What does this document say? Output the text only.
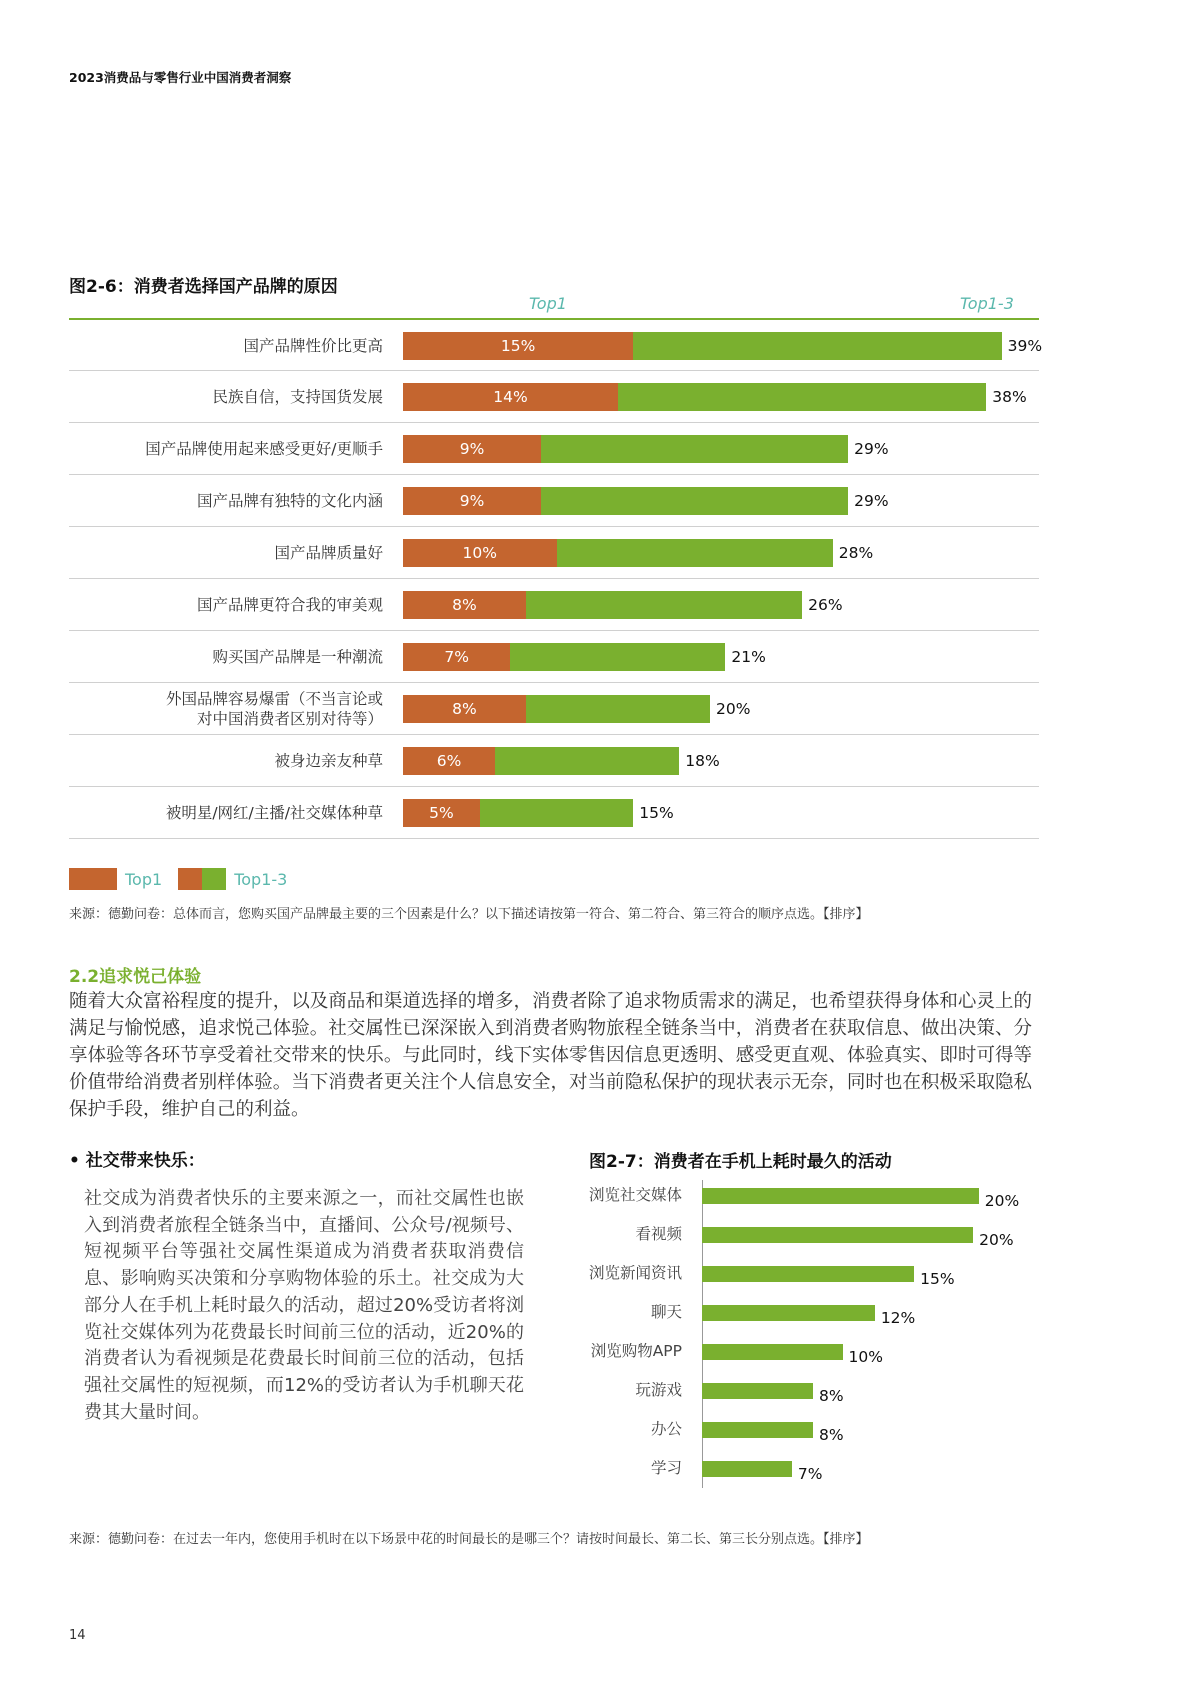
2023消费品与零售行业中国消费者洞察
图2-6：消费者选择国产品牌的原因
Top1	Top1-3
国产品牌性价比更高	15%	39%
民族自信，支持国货发展	14%	38%
国产品牌使用起来感受更好/更顺手	9%	29%
国产品牌有独特的文化内涵	9%	29%
国产品牌质量好	10%	28%
国产品牌更符合我的审美观	8%	26%
购买国产品牌是一种潮流	7%	21%
外国品牌容易爆雷（不当言论或
对中国消费者区别对待等）
8%	20%
被身边亲友种草	6%	18%
被明星/网红/主播/社交媒体种草	5%	15%
Top1	Top1-3
来源：德勤问卷：总体而言，您购买国产品牌最主要的三个因素是什么？以下描述请按第一符合、第二符合、第三符合的顺序点选。【排序】
2.2追求悦己体验
随着大众富裕程度的提升，以及商品和渠道选择的增多，消费者除了追求物质需求的满足，也希望获得身体和心灵上的满足与愉悦感，追求悦己体验。社交属性已深深嵌入到消费者购物旅程全链条当中，消费者在获取信息、做出决策、分享体验等各环节享受着社交带来的快乐。与此同时，线下实体零售因信息更透明、感受更直观、体验真实、即时可得等价值带给消费者别样体验。当下消费者更关注个人信息安全，对当前隐私保护的现状表示无奈，同时也在积极采取隐私保护手段，维护自己的利益。
• 社交带来快乐：
社交成为消费者快乐的主要来源之一，而社交属性也嵌入到消费者旅程全链条当中，直播间、公众号/视频号、短视频平台等强社交属性渠道成为消费者获取消费信息、影响购买决策和分享购物体验的乐土。社交成为大部分人在手机上耗时最久的活动，超过20%受访者将浏览社交媒体列为花费最长时间前三位的活动，近20%的消费者认为看视频是花费最长时间前三位的活动，包括强社交属性的短视频，而12%的受访者认为手机聊天花费其大量时间。
图2-7：消费者在手机上耗时最久的活动
浏览社交媒体	20%
看视频	20%
浏览新闻资讯	15%
聊天	12%
浏览购物APP	10%
玩游戏	8%
办公	8%
学习	7%
来源：德勤问卷：在过去一年内，您使用手机时在以下场景中花的时间最长的是哪三个？请按时间最长、第二长、第三长分别点选。【排序】
14
